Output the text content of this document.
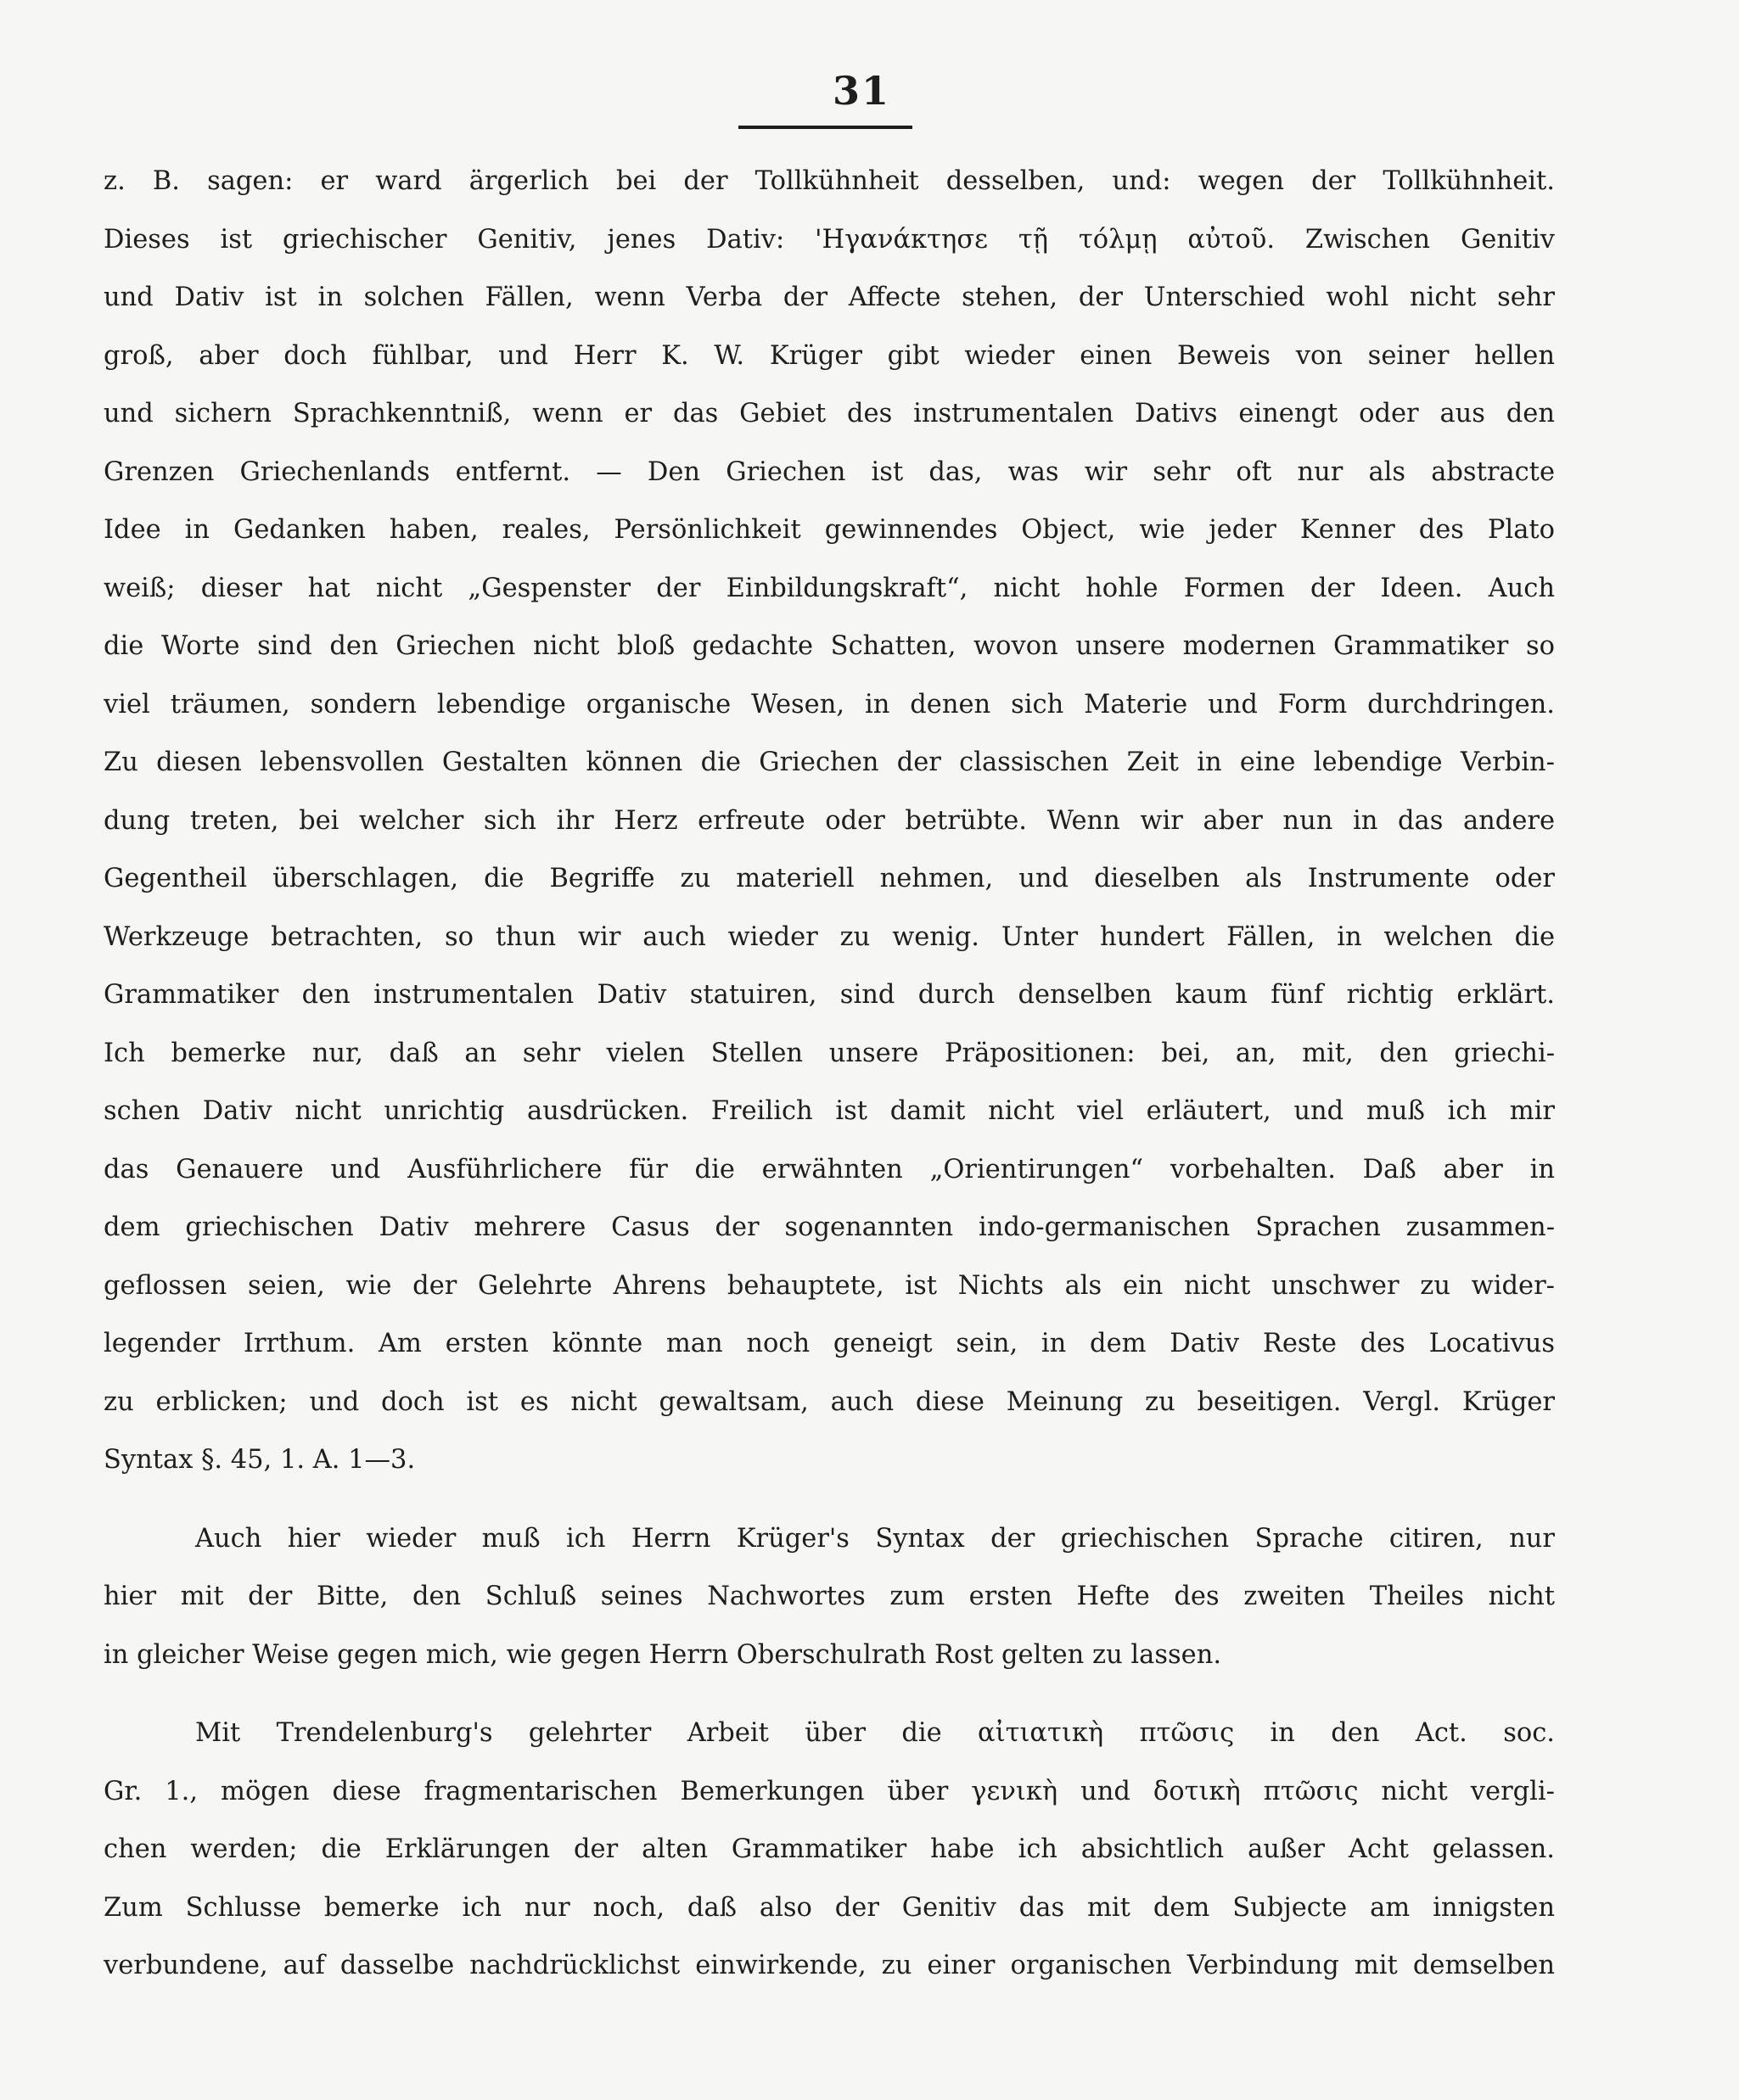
31
z. B. sagen: er ward ärgerlich bei der Tollkühnheit desselben, und: wegen der Tollkühnheit.
Dieses ist griechischer Genitiv, jenes Dativ: 'Ηγανάκτησε τῇ τόλμῃ αὐτοῦ. Zwischen Genitiv
und Dativ ist in solchen Fällen, wenn Verba der Affecte stehen, der Unterschied wohl nicht sehr
groß, aber doch fühlbar, und Herr K. W. Krüger gibt wieder einen Beweis von seiner hellen
und sichern Sprachkenntniß, wenn er das Gebiet des instrumentalen Dativs einengt oder aus den
Grenzen Griechenlands entfernt. — Den Griechen ist das, was wir sehr oft nur als abstracte
Idee in Gedanken haben, reales, Persönlichkeit gewinnendes Object, wie jeder Kenner des Plato
weiß; dieser hat nicht „Gespenster der Einbildungskraft“, nicht hohle Formen der Ideen. Auch
die Worte sind den Griechen nicht bloß gedachte Schatten, wovon unsere modernen Grammatiker so
viel träumen, sondern lebendige organische Wesen, in denen sich Materie und Form durchdringen.
Zu diesen lebensvollen Gestalten können die Griechen der classischen Zeit in eine lebendige Verbin-
dung treten, bei welcher sich ihr Herz erfreute oder betrübte. Wenn wir aber nun in das andere
Gegentheil überschlagen, die Begriffe zu materiell nehmen, und dieselben als Instrumente oder
Werkzeuge betrachten, so thun wir auch wieder zu wenig. Unter hundert Fällen, in welchen die
Grammatiker den instrumentalen Dativ statuiren, sind durch denselben kaum fünf richtig erklärt.
Ich bemerke nur, daß an sehr vielen Stellen unsere Präpositionen: bei, an, mit, den griechi-
schen Dativ nicht unrichtig ausdrücken. Freilich ist damit nicht viel erläutert, und muß ich mir
das Genauere und Ausführlichere für die erwähnten „Orientirungen“ vorbehalten. Daß aber in
dem griechischen Dativ mehrere Casus der sogenannten indo-germanischen Sprachen zusammen-
geflossen seien, wie der Gelehrte Ahrens behauptete, ist Nichts als ein nicht unschwer zu wider-
legender Irrthum. Am ersten könnte man noch geneigt sein, in dem Dativ Reste des Locativus
zu erblicken; und doch ist es nicht gewaltsam, auch diese Meinung zu beseitigen. Vergl. Krüger
Syntax §. 45, 1. A. 1—3.
Auch hier wieder muß ich Herrn Krüger's Syntax der griechischen Sprache citiren, nur
hier mit der Bitte, den Schluß seines Nachwortes zum ersten Hefte des zweiten Theiles nicht
in gleicher Weise gegen mich, wie gegen Herrn Oberschulrath Rost gelten zu lassen.
Mit Trendelenburg's gelehrter Arbeit über die αἰτιατικὴ πτῶσις in den Act. soc.
Gr. 1., mögen diese fragmentarischen Bemerkungen über γενικὴ und δοτικὴ πτῶσις nicht vergli-
chen werden; die Erklärungen der alten Grammatiker habe ich absichtlich außer Acht gelassen.
Zum Schlusse bemerke ich nur noch, daß also der Genitiv das mit dem Subjecte am innigsten
verbundene, auf dasselbe nachdrücklichst einwirkende, zu einer organischen Verbindung mit demselben
